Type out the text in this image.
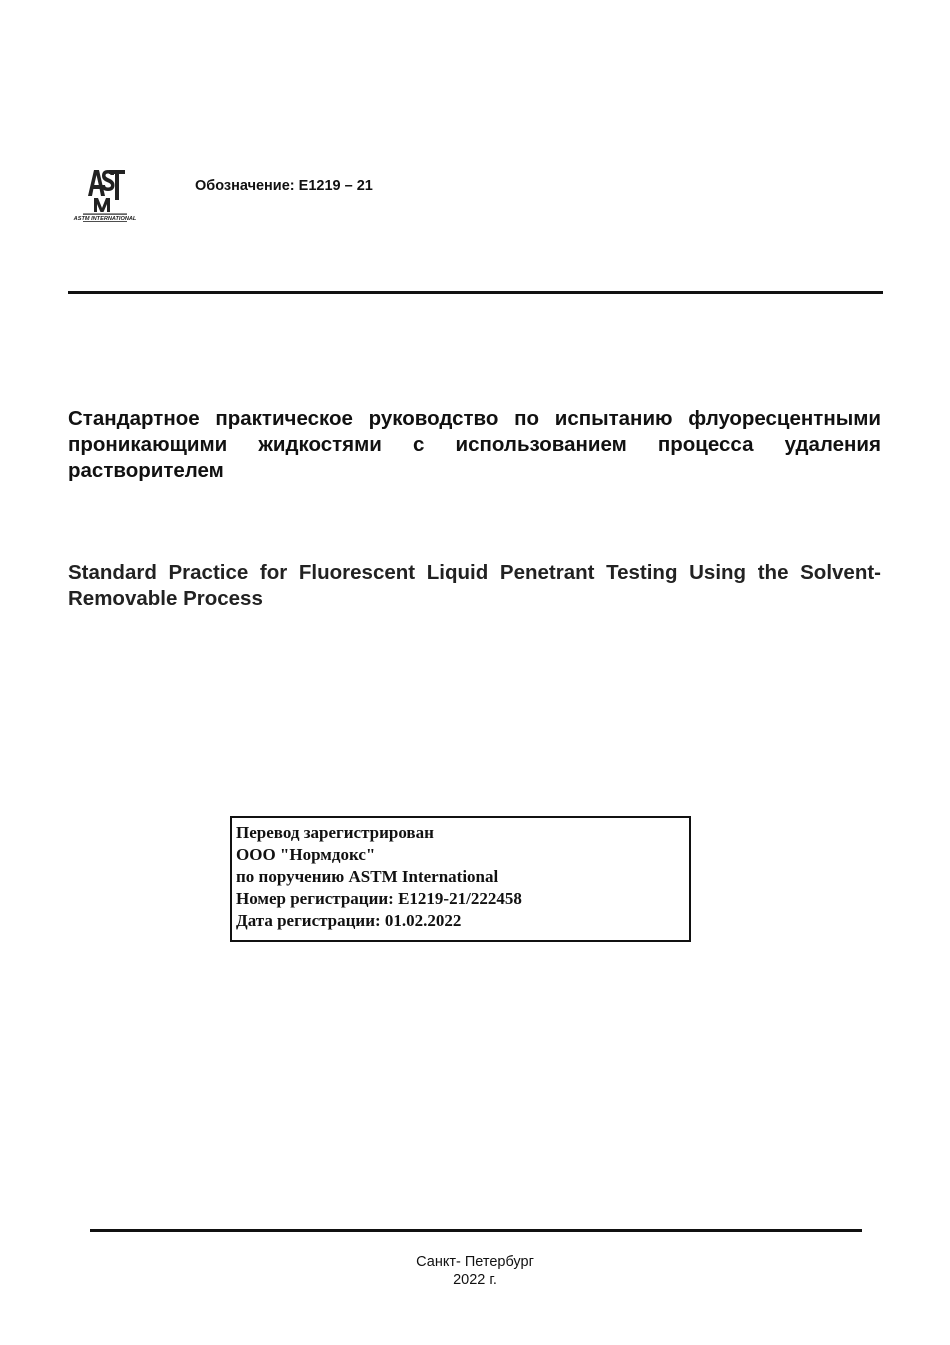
ASTM INTERNATIONAL
Обозначение: E1219 – 21
Стандартное практическое руководство по испытанию флуоресцентными проникающими жидкостями с использованием процесса удаления растворителем
Standard Practice for Fluorescent Liquid Penetrant Testing Using the Solvent-Removable Process
Перевод зарегистрирован
ООО "Нормдокс"
по поручению ASTM International
Номер регистрации: E1219-21/222458
Дата регистрации: 01.02.2022
Санкт- Петербург
2022 г.
